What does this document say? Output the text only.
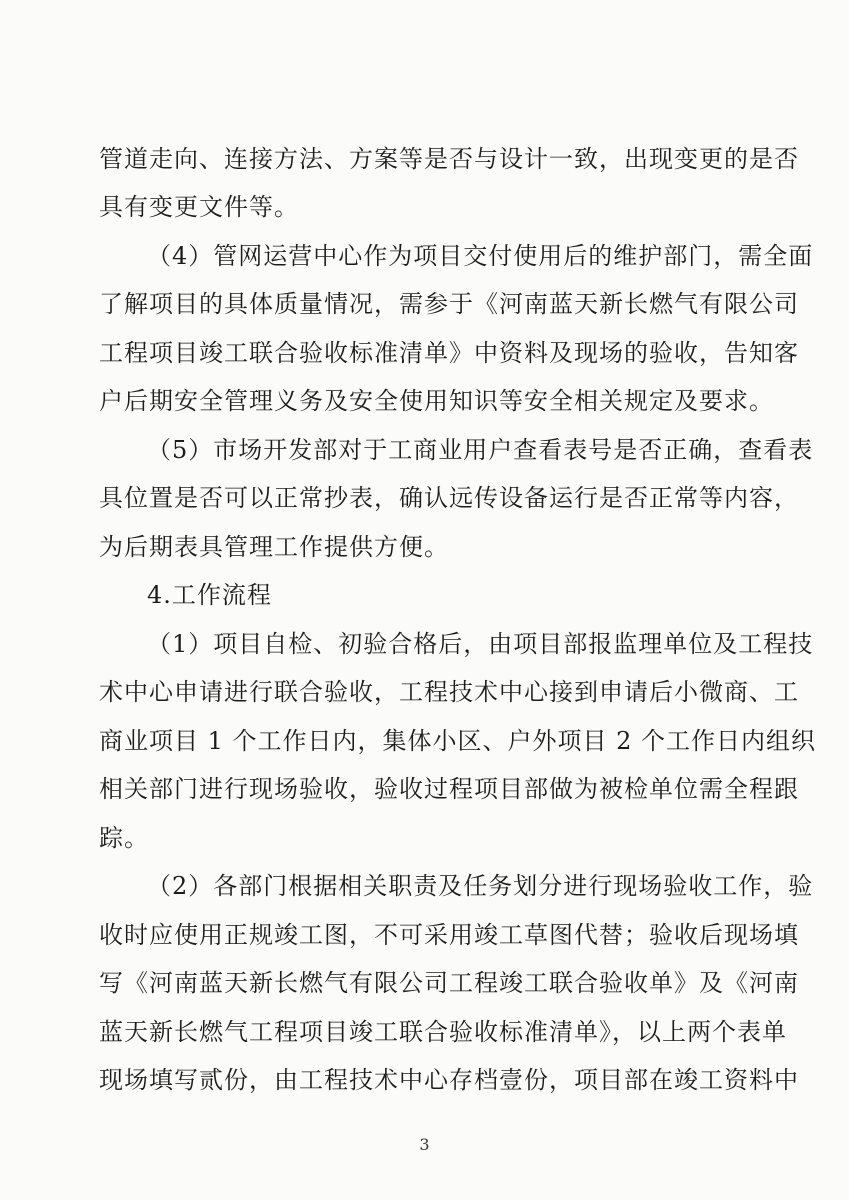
管道走向、连接方法、方案等是否与设计一致，出现变更的是否
具有变更文件等。
（4）管网运营中心作为项目交付使用后的维护部门，需全面
了解项目的具体质量情况，需参于《河南蓝天新长燃气有限公司
工程项目竣工联合验收标准清单》中资料及现场的验收，告知客
户后期安全管理义务及安全使用知识等安全相关规定及要求。
（5）市场开发部对于工商业用户查看表号是否正确，查看表
具位置是否可以正常抄表，确认远传设备运行是否正常等内容，
为后期表具管理工作提供方便。
4.工作流程
（1）项目自检、初验合格后，由项目部报监理单位及工程技
术中心申请进行联合验收，工程技术中心接到申请后小微商、工
商业项目 1 个工作日内，集体小区、户外项目 2 个工作日内组织
相关部门进行现场验收，验收过程项目部做为被检单位需全程跟
踪。
（2）各部门根据相关职责及任务划分进行现场验收工作，验
收时应使用正规竣工图，不可采用竣工草图代替；验收后现场填
写《河南蓝天新长燃气有限公司工程竣工联合验收单》及《河南
蓝天新长燃气工程项目竣工联合验收标准清单》，以上两个表单
3
现场填写贰份，由工程技术中心存档壹份，项目部在竣工资料中
